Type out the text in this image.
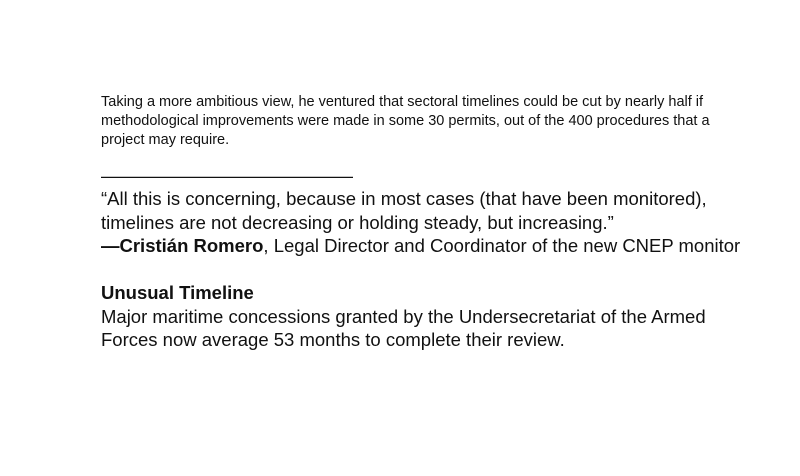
Taking a more ambitious view, he ventured that sectoral timelines could be cut by nearly half if methodological improvements were made in some 30 permits, out of the 400 procedures that a project may require.

——————————————

“All this is concerning, because in most cases (that have been monitored), timelines are not decreasing or holding steady, but increasing.”

—Cristián Romero, Legal Director and Coordinator of the new CNEP monitor

Unusual Timeline

Major maritime concessions granted by the Undersecretariat of the Armed Forces now average 53 months to complete their review.
